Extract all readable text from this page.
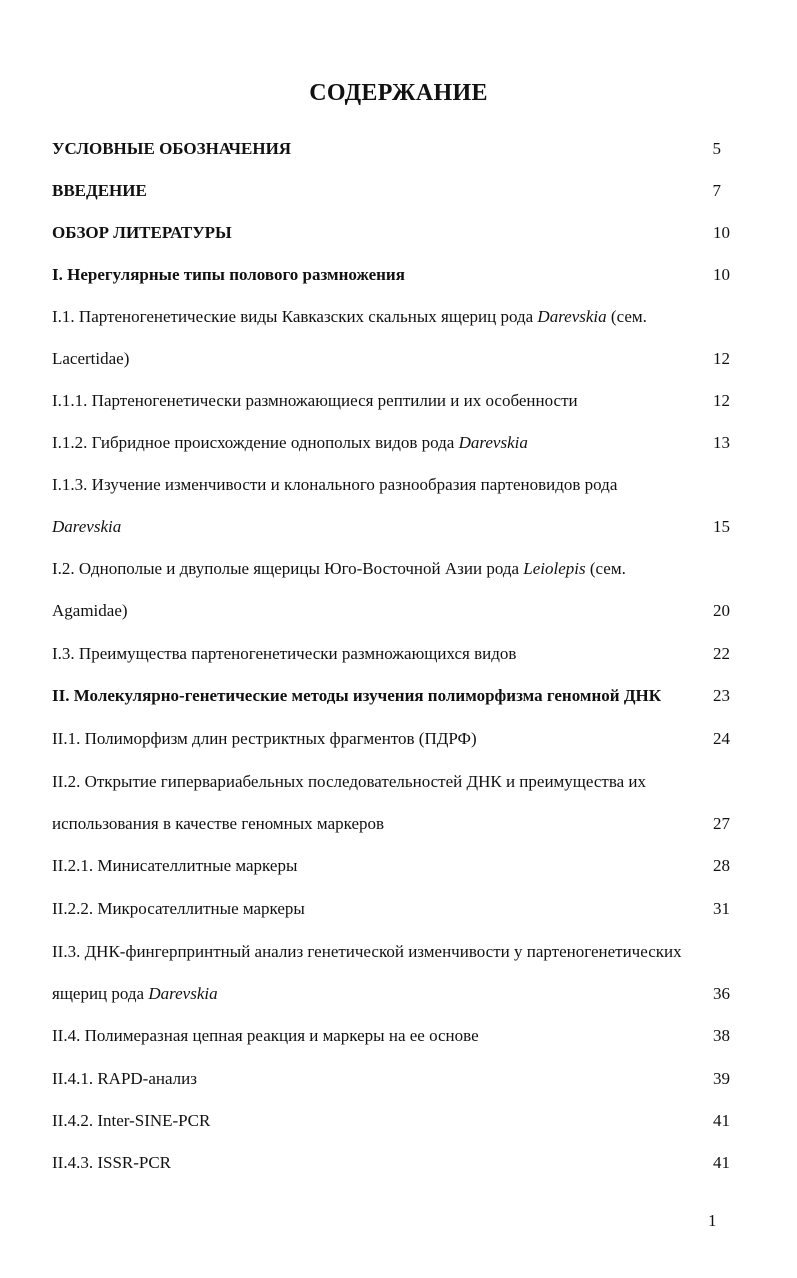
СОДЕРЖАНИЕ
УСЛОВНЫЕ ОБОЗНАЧЕНИЯ	5
ВВЕДЕНИЕ	7
ОБЗОР ЛИТЕРАТУРЫ	10
I. Нерегулярные типы полового размножения	10
I.1. Партеногенетические виды Кавказских скальных ящериц рода Darevskia (сем.
Lacertidae)	12
I.1.1. Партеногенетически размножающиеся рептилии и их особенности	12
I.1.2. Гибридное происхождение однополых видов рода Darevskia	13
I.1.3. Изучение изменчивости и клонального разнообразия партеновидов рода
Darevskia	15
I.2. Однополые и двуполые ящерицы Юго-Восточной Азии рода Leiolepis (сем.
Agamidae)	20
I.3. Преимущества партеногенетически размножающихся видов	22
II. Молекулярно-генетические методы изучения полиморфизма геномной ДНК	23
II.1. Полиморфизм длин рестриктных фрагментов (ПДРФ)	24
II.2. Открытие гипервариабельных последовательностей ДНК и преимущества их
использования в качестве геномных маркеров	27
II.2.1. Минисателлитные маркеры	28
II.2.2. Микросателлитные маркеры	31
II.3. ДНК-фингерпринтный анализ генетической изменчивости у партеногенетических
ящериц рода Darevskia	36
II.4. Полимеразная цепная реакция и маркеры на ее основе	38
II.4.1. RAPD-анализ	39
II.4.2. Inter-SINE-PCR	41
II.4.3. ISSR-PCR	41
1
